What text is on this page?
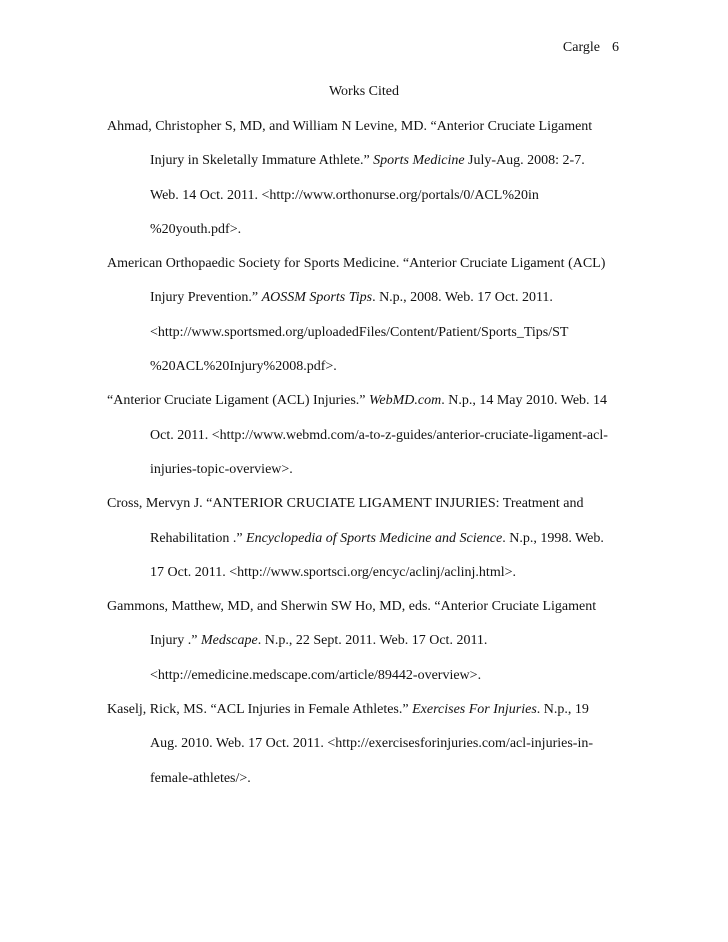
Cargle 6
Works Cited
Ahmad, Christopher S, MD, and William N Levine, MD. “Anterior Cruciate Ligament
Injury in Skeletally Immature Athlete.” Sports Medicine July-Aug. 2008: 2-7.
Web. 14 Oct. 2011. <http://www.orthonurse.org/portals/0/ACL%20in
%20youth.pdf>.
American Orthopaedic Society for Sports Medicine. “Anterior Cruciate Ligament (ACL)
Injury Prevention.” AOSSM Sports Tips. N.p., 2008. Web. 17 Oct. 2011.
<http://www.sportsmed.org/uploadedFiles/Content/Patient/Sports_Tips/ST
%20ACL%20Injury%2008.pdf>.
“Anterior Cruciate Ligament (ACL) Injuries.” WebMD.com. N.p., 14 May 2010. Web. 14
Oct. 2011. <http://www.webmd.com/a-to-z-guides/anterior-cruciate-ligament-acl-
injuries-topic-overview>.
Cross, Mervyn J. “ANTERIOR CRUCIATE LIGAMENT INJURIES: Treatment and
Rehabilitation .” Encyclopedia of Sports Medicine and Science. N.p., 1998. Web.
17 Oct. 2011. <http://www.sportsci.org/encyc/aclinj/aclinj.html>.
Gammons, Matthew, MD, and Sherwin SW Ho, MD, eds. “Anterior Cruciate Ligament
Injury .” Medscape. N.p., 22 Sept. 2011. Web. 17 Oct. 2011.
<http://emedicine.medscape.com/article/89442-overview>.
Kaselj, Rick, MS. “ACL Injuries in Female Athletes.” Exercises For Injuries. N.p., 19
Aug. 2010. Web. 17 Oct. 2011. <http://exercisesforinjuries.com/acl-injuries-in-
female-athletes/>.
